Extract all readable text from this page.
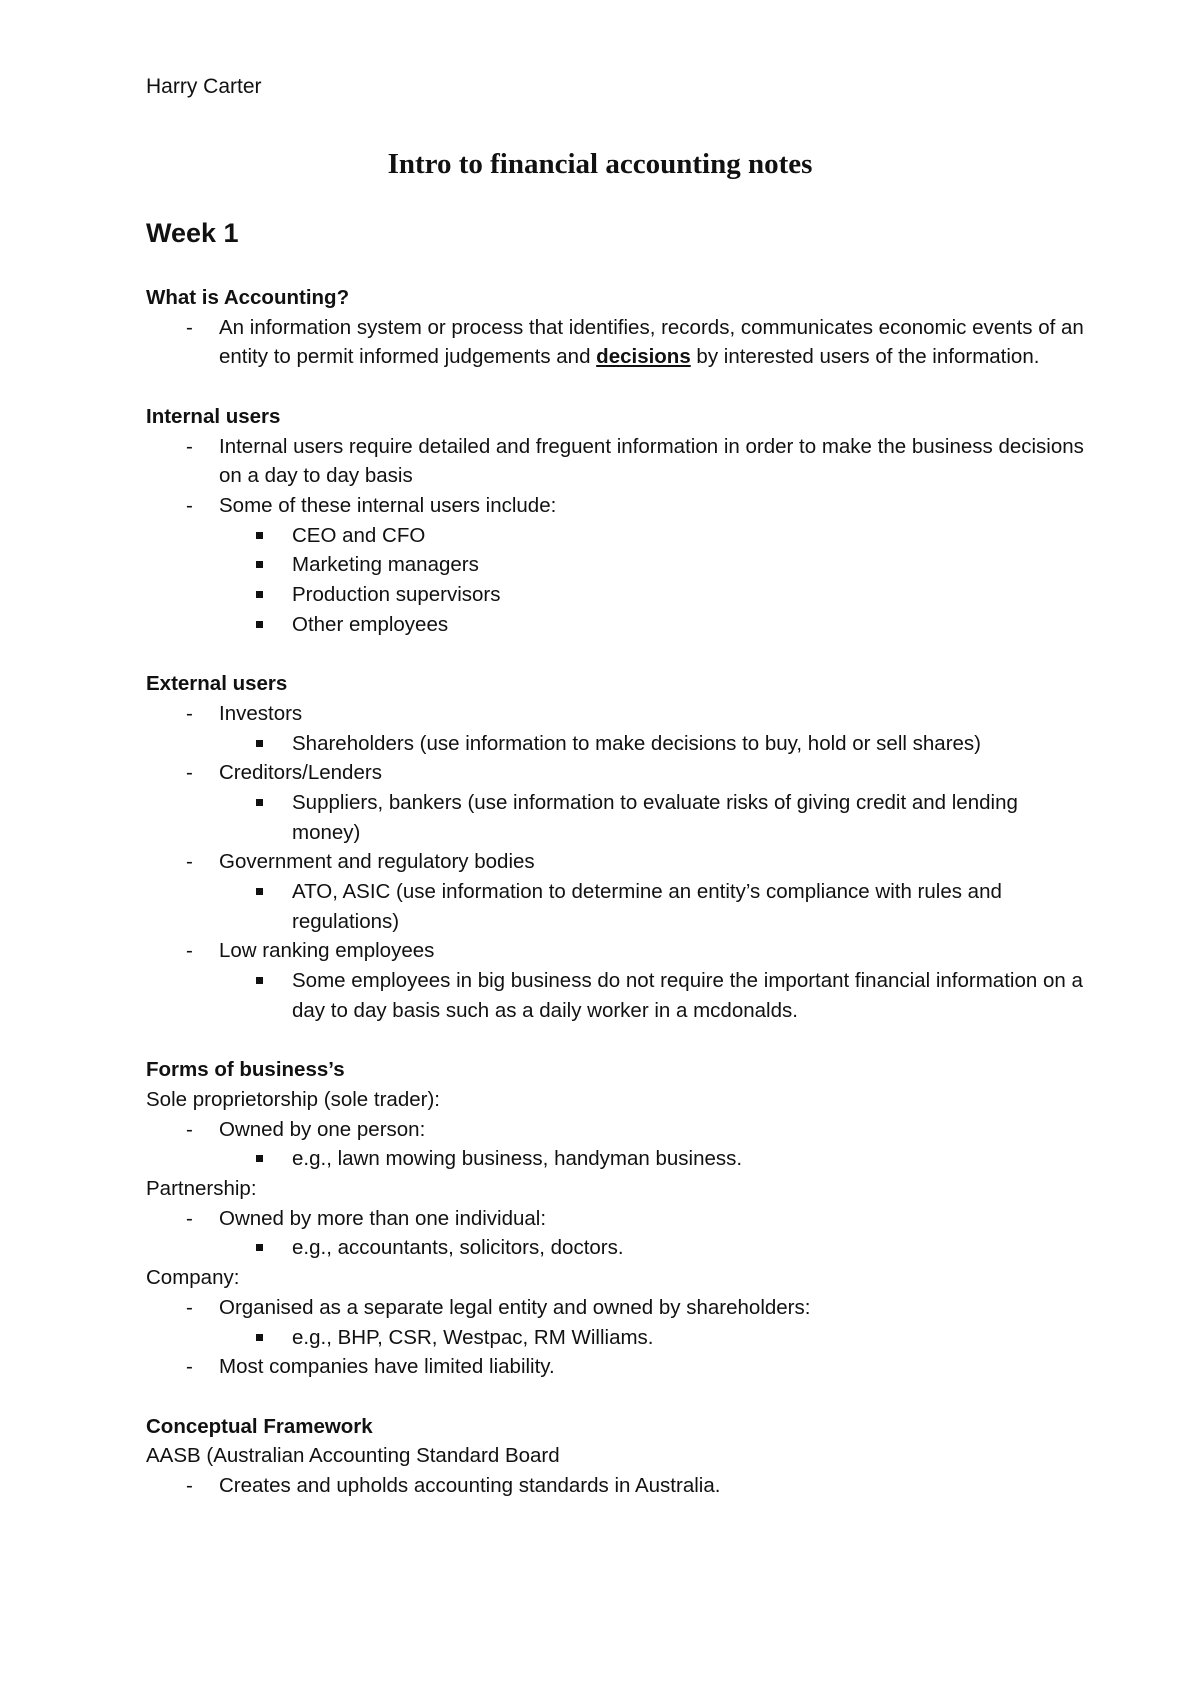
Harry Carter
Intro to financial accounting notes
Week 1
What is Accounting?
- An information system or process that identifies, records, communicates economic events of an entity to permit informed judgements and decisions by interested users of the information.
Internal users
- Internal users require detailed and freguent information in order to make the business decisions on a day to day basis
- Some of these internal users include:
CEO and CFO
Marketing managers
Production supervisors
Other employees
External users
- Investors
Shareholders (use information to make decisions to buy, hold or sell shares)
- Creditors/Lenders
Suppliers, bankers (use information to evaluate risks of giving credit and lending money)
- Government and regulatory bodies
ATO, ASIC (use information to determine an entity’s compliance with rules and regulations)
- Low ranking employees
Some employees in big business do not require the important financial information on a day to day basis such as a daily worker in a mcdonalds.
Forms of business’s
Sole proprietorship (sole trader):
- Owned by one person:
e.g., lawn mowing business, handyman business.
Partnership:
- Owned by more than one individual:
e.g., accountants, solicitors, doctors.
Company:
- Organised as a separate legal entity and owned by shareholders:
e.g., BHP, CSR, Westpac, RM Williams.
- Most companies have limited liability.
Conceptual Framework
AASB (Australian Accounting Standard Board
- Creates and upholds accounting standards in Australia.
